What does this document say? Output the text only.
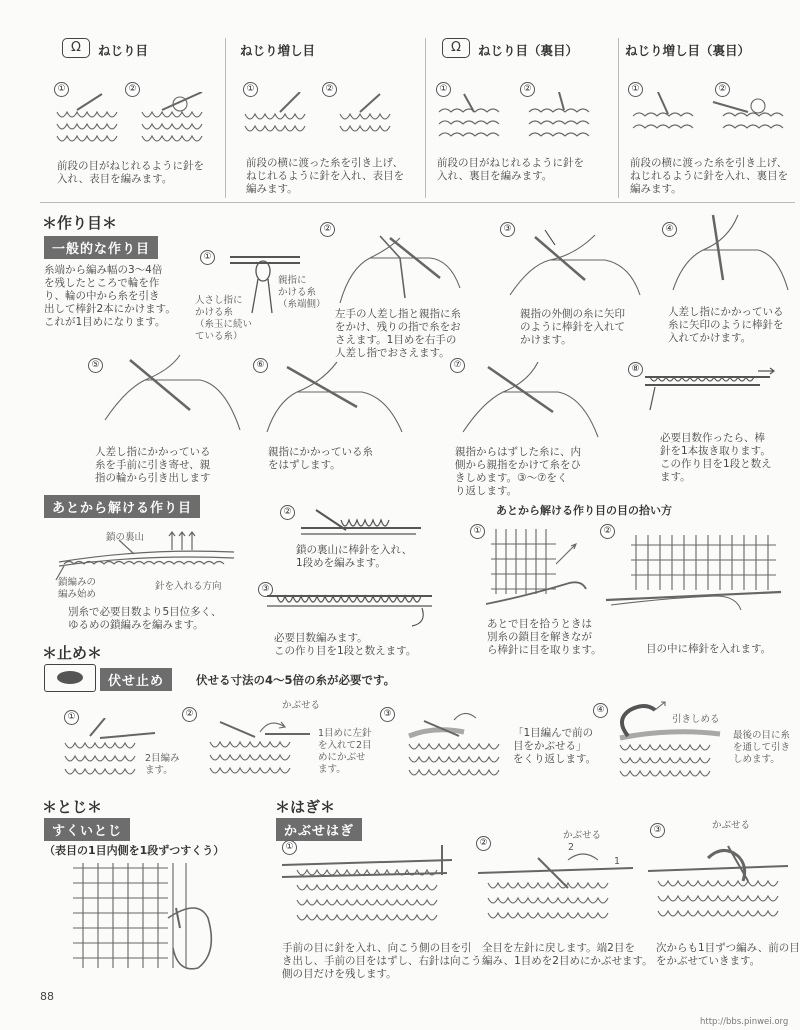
Ω	ねじり目
①	②
前段の目がねじれるように針を
入れ、表目を編みます。
ねじり増し目
①	②
前段の横に渡った糸を引き上げ、
ねじれるように針を入れ、表目を
編みます。
Ω	ねじり目（裏目）
①	②
前段の目がねじれるように針を
入れ、裏目を編みます。
ねじり増し目（裏目）
①	②
前段の横に渡った糸を引き上げ、
ねじれるように針を入れ、裏目を
編みます。
＊作り目＊
一般的な作り目
糸端から編み幅の3～4倍
を残したところで輪を作
り、輪の中から糸を引き
出して棒針2本にかけます。
これが1目めになります。
①
人さし指に
かける糸
（糸玉に続い
ている糸）
親指に
かける糸
（糸端側）
②
左手の人差し指と親指に糸
をかけ、残りの指で糸をお
さえます。1目めを右手の
人差し指でおさえます。
③
親指の外側の糸に矢印
のように棒針を入れて
かけます。
④
人差し指にかかっている
糸に矢印のように棒針を
入れてかけます。
⑤
人差し指にかかっている
糸を手前に引き寄せ、親
指の輪から引き出します
⑥
親指にかかっている糸
をはずします。
⑦
親指からはずした糸に、内
側から親指をかけて糸をひ
きしめます。③～⑦をく
り返します。
⑧
必要目数作ったら、棒
針を1本抜き取ります。
この作り目を1段と数え
ます。
あとから解ける作り目
鎖の裏山
鎖編みの
編み始め
針を入れる方向
別糸で必要目数より5目位多く、
ゆるめの鎖編みを編みます。
②
鎖の裏山に棒針を入れ、
1段めを編みます。
③
必要目数編みます。
この作り目を1段と数えます。
あとから解ける作り目の目の拾い方
①
あとで目を拾うときは
別糸の鎖目を解きなが
ら棒針に目を取ります。
②
目の中に棒針を入れます。
＊止め＊
伏せ止め	伏せる寸法の4～5倍の糸が必要です。
①
2目編み
ます。
②
かぶせる
1目めに左針
を入れて2目
めにかぶせ
ます。
③
「1目編んで前の
目をかぶせる」
をくり返します。
④
引きしめる
最後の目に糸
を通して引き
しめます。
＊とじ＊
すくいとじ
（表目の1目内側を1段ずつすくう）
＊はぎ＊
かぶせはぎ
①
手前の目に針を入れ、向こう側の目を引
き出し、手前の目をはずし、右針は向こう
側の目だけを残します。
②
かぶせる
2
1
全目を左針に戻します。端2目を
編み、1目めを2目めにかぶせます。
③	かぶせる
次からも1目ずつ編み、前の目
をかぶせていきます。
88
http://bbs.pinwei.org
